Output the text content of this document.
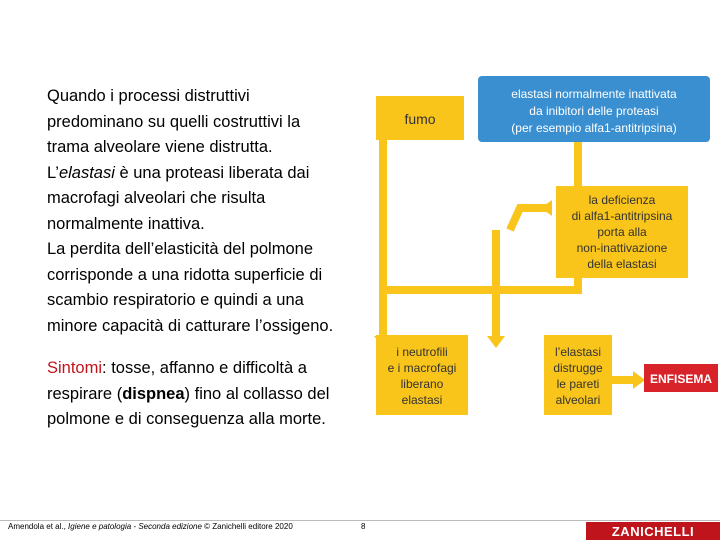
Quando i processi distruttivi

predominano su quelli costruttivi la

trama alveolare viene distrutta.

L’elastasi è una proteasi liberata dai

macrofagi alveolari che risulta

normalmente inattiva.

La perdita dell’elasticità del polmone

corrisponde a una ridotta superficie di

scambio respiratorio e quindi a una

minore capacità di catturare l’ossigeno.

Sintomi: tosse, affanno e difficoltà a

respirare (dispnea) fino al collasso del

polmone e di conseguenza alla morte.

fumo
elastasi normalmente inattivata
da inibitori delle proteasi
(per esempio alfa1-antitripsina)
la deficienza
di alfa1-antitripsina
porta alla
non-inattivazione
della elastasi
i neutrofili
e i macrofagi
liberano
elastasi
l’elastasi
distrugge
le pareti
alveolari
ENFISEMA
Amendola et al., Igiene e patologia - Seconda edizione © Zanichelli editore 2020	8	ZANICHELLI
